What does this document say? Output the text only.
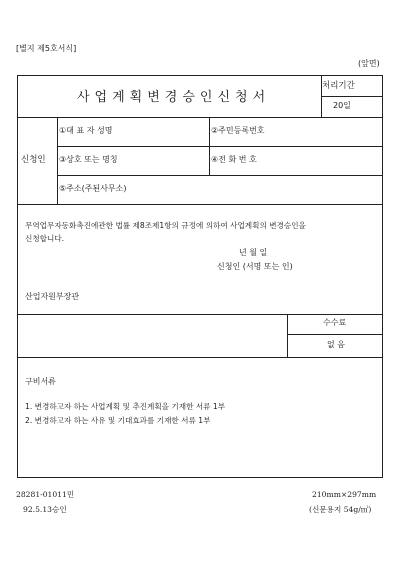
[별지 제5호서식]
(앞면)
사업계획변경승인신청서
처리기간
20일
신청인
①대 표 자 성명	②주민등록번호
③상호 또는 명칭	④전 화 번 호
⑤주소(주된사무소)
무역업무자동화촉진에관한 법률 제8조제1항의 규정에 의하여 사업계획의 변경승인을
신청합니다.
년 월 일
신청인 (서명 또는 인)
산업자원부장관
수수료
없 음
구비서류
1. 변경하고자 하는 사업계획 및 추진계획을 기재한 서류 1부
2. 변경하고자 하는 사유 및 기대효과를 기재한 서류 1부
28281-01011민
92.5.13승인
210mm×297mm
(신문용지 54g/㎡)
